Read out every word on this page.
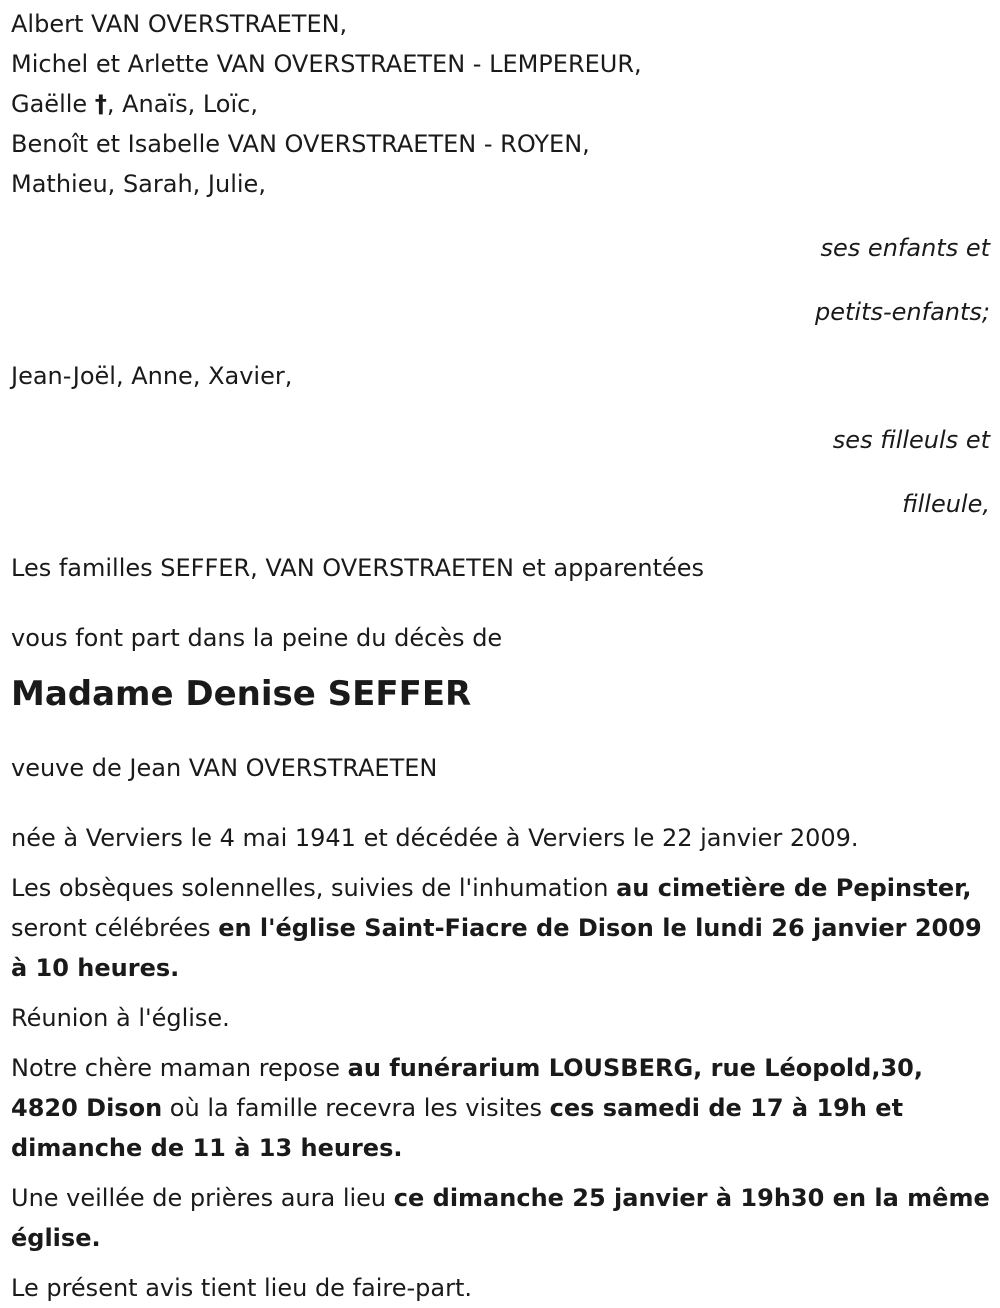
Albert VAN OVERSTRAETEN,

Michel et Arlette VAN OVERSTRAETEN - LEMPEREUR,

Gaëlle †, Anaïs, Loïc,

Benoît et Isabelle VAN OVERSTRAETEN - ROYEN,

Mathieu, Sarah, Julie,

ses enfants et

petits-enfants;

Jean-Joël, Anne, Xavier,

ses filleuls et

filleule,

Les familles SEFFER, VAN OVERSTRAETEN et apparentées

vous font part dans la peine du décès de

Madame Denise SEFFER

veuve de Jean VAN OVERSTRAETEN

née à Verviers le 4 mai 1941 et décédée à Verviers le 22 janvier 2009.

Les obsèques solennelles, suivies de l'inhumation au cimetière de Pepinster, seront célébrées en l'église Saint-Fiacre de Dison le lundi 26 janvier 2009 à 10 heures.

Réunion à l'église.

Notre chère maman repose au funérarium LOUSBERG, rue Léopold,30, 4820 Dison où la famille recevra les visites ces samedi de 17 à 19h et dimanche de 11 à 13 heures.

Une veillée de prières aura lieu ce dimanche 25 janvier à 19h30 en la même église.

Le présent avis tient lieu de faire-part.
